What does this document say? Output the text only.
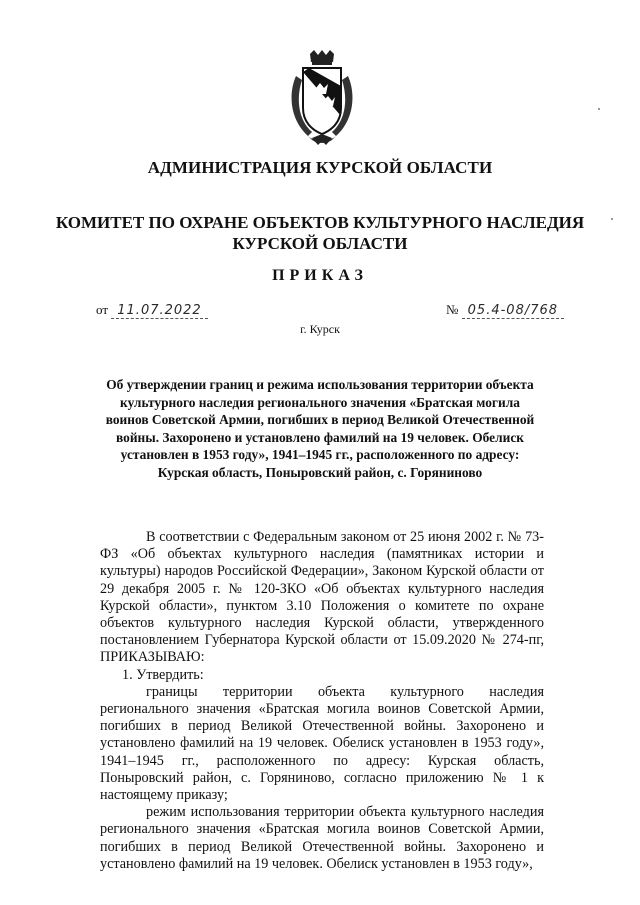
АДМИНИСТРАЦИЯ КУРСКОЙ ОБЛАСТИ
КОМИТЕТ ПО ОХРАНЕ ОБЪЕКТОВ КУЛЬТУРНОГО НАСЛЕДИЯ
КУРСКОЙ ОБЛАСТИ
ПРИКАЗ
от 11.07.2022	№ 05.4-08/768
г. Курск
Об утверждении границ и режима использования территории объекта культурного наследия регионального значения «Братская могила воинов Советской Армии, погибших в период Великой Отечественной войны. Захоронено и установлено фамилий на 19 человек. Обелиск установлен в 1953 году», 1941–1945 гг., расположенного по адресу: Курская область, Поныровский район, с. Горяниново

В соответствии с Федеральным законом от 25 июня 2002 г. № 73-ФЗ «Об объектах культурного наследия (памятниках истории и культуры) народов Российской Федерации», Законом Курской области от 29 декабря 2005 г. № 120-ЗКО «Об объектах культурного наследия Курской области», пунктом 3.10 Положения о комитете по охране объектов культурного наследия Курской области, утвержденного постановлением Губернатора Курской области от 15.09.2020 № 274-пг, ПРИКАЗЫВАЮ:

1. Утвердить:

границы территории объекта культурного наследия регионального значения «Братская могила воинов Советской Армии, погибших в период Великой Отечественной войны. Захоронено и установлено фамилий на 19 человек. Обелиск установлен в 1953 году», 1941–1945 гг., расположенного по адресу: Курская область, Поныровский район, с. Горяниново, согласно приложению № 1 к настоящему приказу;

режим использования территории объекта культурного наследия регионального значения «Братская могила воинов Советской Армии, погибших в период Великой Отечественной войны. Захоронено и установлено фамилий на 19 человек. Обелиск установлен в 1953 году»,
